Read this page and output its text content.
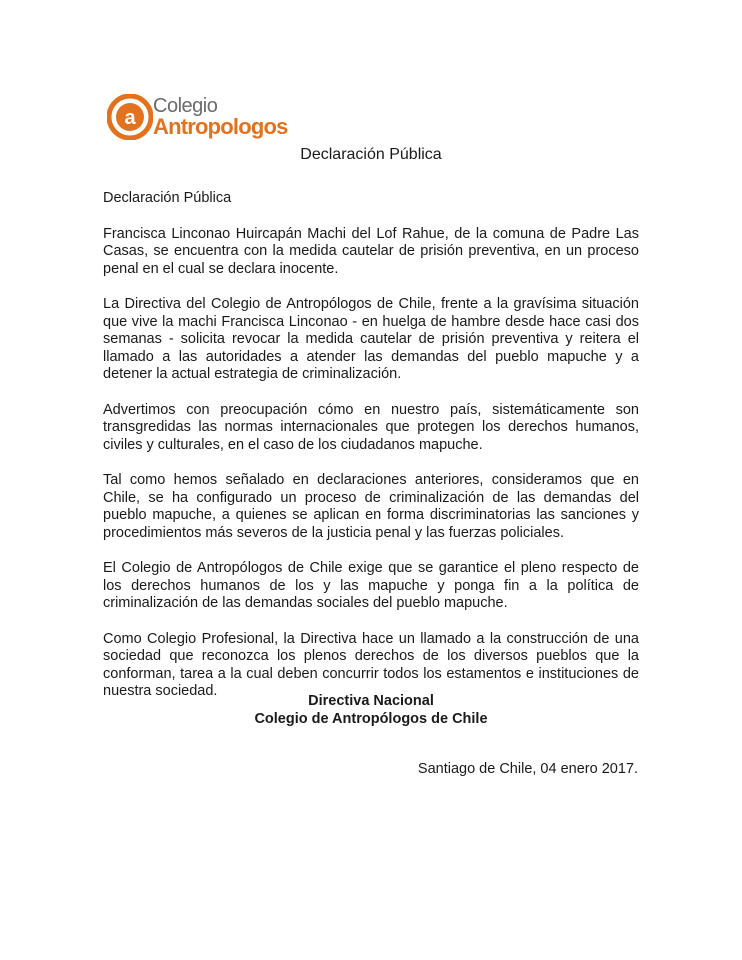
a
Colegio
Antropologos
Declaración Pública

Declaración Pública

Francisca Linconao Huircapán Machi del Lof Rahue, de la comuna de Padre Las Casas, se encuentra con la medida cautelar de prisión preventiva, en un proceso penal en el cual se declara inocente.

La Directiva del Colegio de Antropólogos de Chile, frente a la gravísima situación que vive la machi Francisca Linconao - en huelga de hambre desde hace casi dos semanas - solicita revocar la medida cautelar de prisión preventiva y reitera el llamado a las autoridades a atender las demandas del pueblo mapuche y a detener la actual estrategia de criminalización.

Advertimos con preocupación cómo en nuestro país, sistemáticamente son transgredidas las normas internacionales que protegen los derechos humanos, civiles y culturales, en el caso de los ciudadanos mapuche.

Tal como hemos señalado en declaraciones anteriores, consideramos que en Chile, se ha configurado un proceso de criminalización de las demandas del pueblo mapuche, a quienes se aplican en forma discriminatorias las sanciones y procedimientos más severos de la justicia penal y las fuerzas policiales.

El Colegio de Antropólogos de Chile exige que se garantice el pleno respecto de los derechos humanos de los y las mapuche y ponga fin a la política de criminalización de las demandas sociales del pueblo mapuche.

Como Colegio Profesional, la Directiva hace un llamado a la construcción de una sociedad que reconozca los plenos derechos de los diversos pueblos que la conforman, tarea a la cual deben concurrir todos los estamentos e instituciones de nuestra sociedad.

Directiva Nacional
Colegio de Antropólogos de Chile
Santiago de Chile, 04 enero 2017.
